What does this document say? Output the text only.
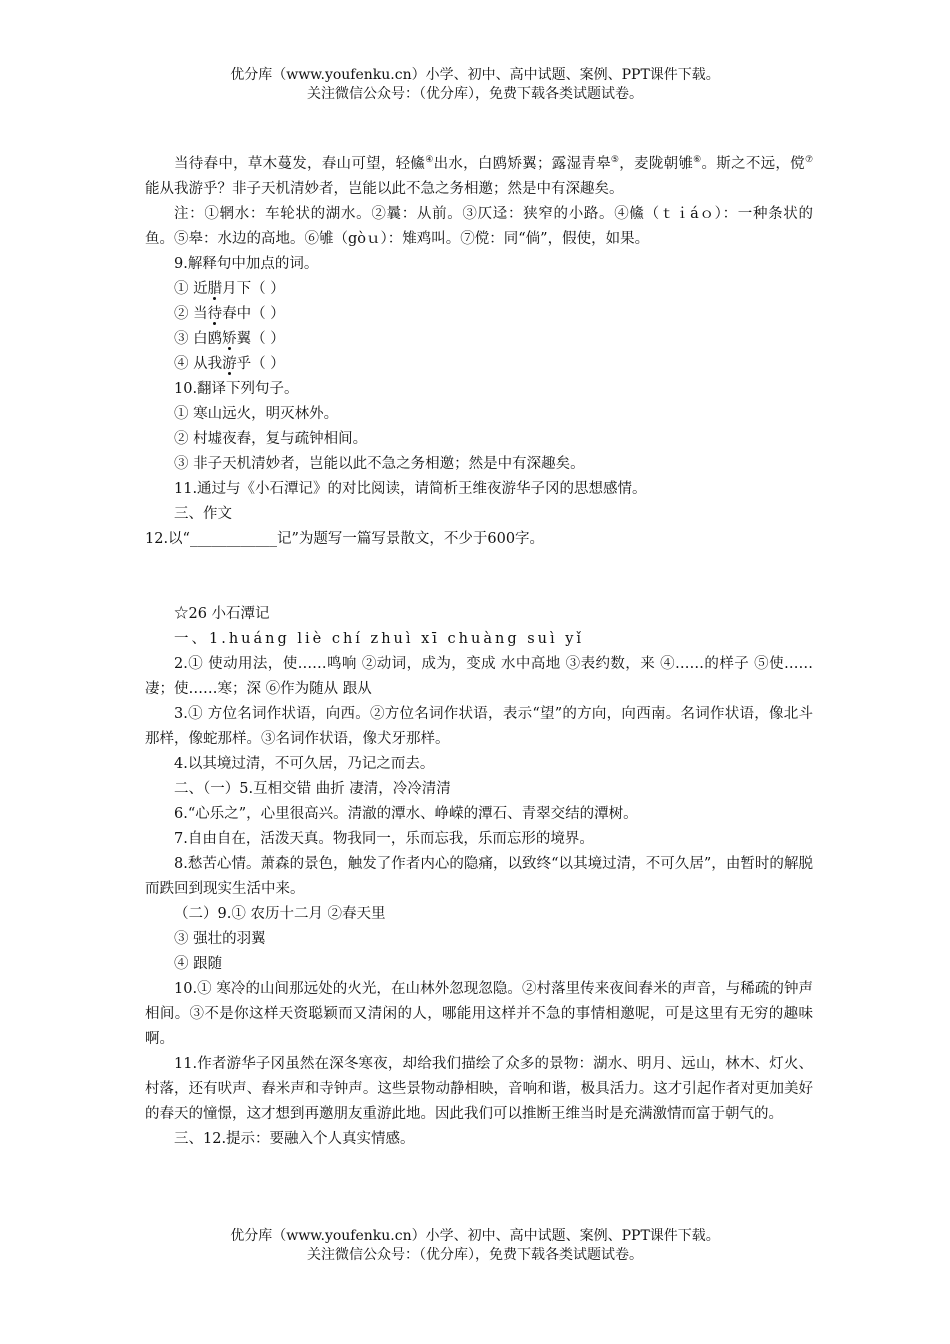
优分库（www.youfenku.cn）小学、初中、高中试题、案例、PPT课件下载。
关注微信公众号：（优分库），免费下载各类试题试卷。

当待春中，草木蔓发，春山可望，轻鯈④出水，白鸥矫翼；露湿青皋⑤，麦陇朝雊⑥。斯之不远，傥⑦能从我游乎？非子天机清妙者，岂能以此不急之务相邀；然是中有深趣矣。

注：①辋水：车轮状的湖水。②曩：从前。③仄迳：狭窄的小路。④鯈（ｔｉáｏ）：一种条状的鱼。⑤皋：水边的高地。⑥雊（gòｕ）：雉鸡叫。⑦傥：同“倘”，假使，如果。

9.解释句中加点的词。

① 近腊月下（ ）

② 当待春中（ ）

③ 白鸥矫翼（ ）

④ 从我游乎（ ）

10.翻译下列句子。

① 寒山远火，明灭林外。

② 村墟夜舂，复与疏钟相间。

③ 非子天机清妙者，岂能以此不急之务相邀；然是中有深趣矣。

11.通过与《小石潭记》的对比阅读，请简析王维夜游华子冈的思想感情。

三、作文

12.以“____________记”为题写一篇写景散文，不少于600字。

☆26 小石潭记

一、1.huáng liè chí zhuì xī chuàng suì yǐ

2.① 使动用法，使……鸣响 ②动词，成为，变成 水中高地 ③表约数，来 ④……的样子 ⑤使……凄；使……寒；深 ⑥作为随从 跟从

3.① 方位名词作状语，向西。②方位名词作状语，表示“望”的方向，向西南。名词作状语，像北斗那样，像蛇那样。③名词作状语，像犬牙那样。

4.以其境过清，不可久居，乃记之而去。

二、（一）5.互相交错 曲折 凄清，冷冷清清

6.“心乐之”，心里很高兴。清澈的潭水、峥嵘的潭石、青翠交结的潭树。

7.自由自在，活泼天真。物我同一，乐而忘我，乐而忘形的境界。

8.愁苦心情。萧森的景色，触发了作者内心的隐痛，以致终“以其境过清，不可久居”，由暂时的解脱而跌回到现实生活中来。

（二）9.① 农历十二月 ②春天里

③ 强壮的羽翼

④ 跟随

10.① 寒冷的山间那远处的火光，在山林外忽现忽隐。②村落里传来夜间舂米的声音，与稀疏的钟声相间。③不是你这样天资聪颖而又清闲的人，哪能用这样并不急的事情相邀呢，可是这里有无穷的趣味啊。

11.作者游华子冈虽然在深冬寒夜，却给我们描绘了众多的景物：湖水、明月、远山，林木、灯火、村落，还有吠声、舂米声和寺钟声。这些景物动静相映，音响和谐，极具活力。这才引起作者对更加美好的春天的憧憬，这才想到再邀朋友重游此地。因此我们可以推断王维当时是充满激情而富于朝气的。

三、12.提示：要融入个人真实情感。

优分库（www.youfenku.cn）小学、初中、高中试题、案例、PPT课件下载。
关注微信公众号：（优分库），免费下载各类试题试卷。
